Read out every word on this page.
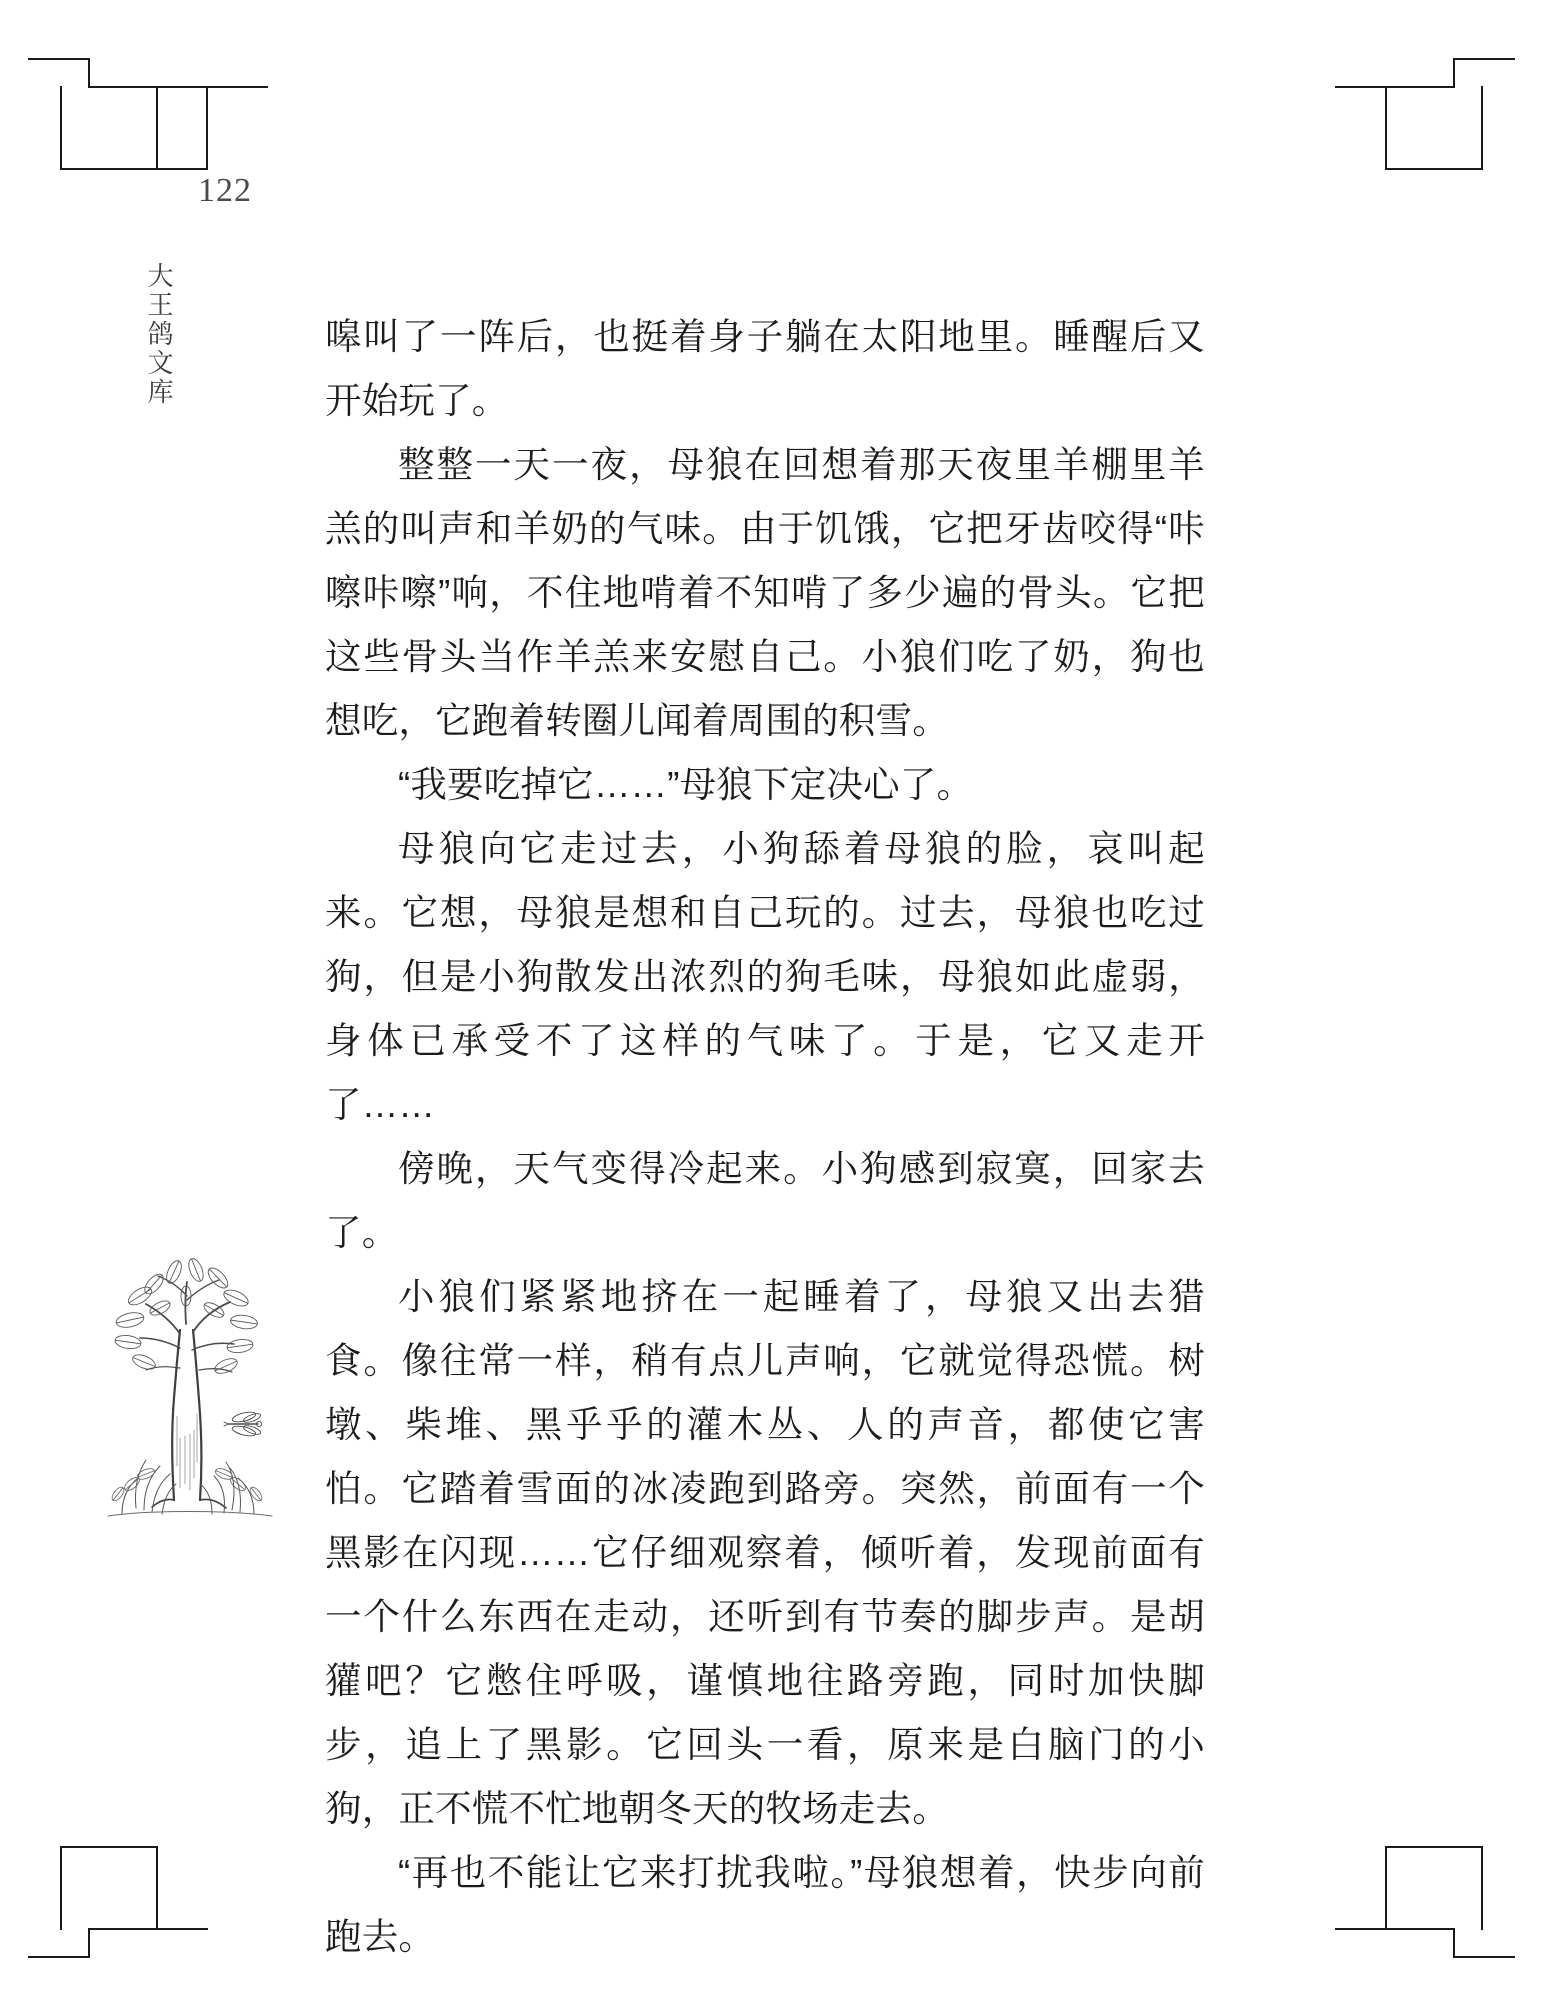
122
大王鸽文库	嗥叫了一阵后，也挺着身子躺在太阳地里。睡醒后又开始玩了。

整整一天一夜，母狼在回想着那天夜里羊棚里羊羔的叫声和羊奶的气味。由于饥饿，它把牙齿咬得“咔嚓咔嚓”响，不住地啃着不知啃了多少遍的骨头。它把这些骨头当作羊羔来安慰自己。小狼们吃了奶，狗也想吃，它跑着转圈儿闻着周围的积雪。

“我要吃掉它……”母狼下定决心了。

母狼向它走过去，小狗舔着母狼的脸，哀叫起来。它想，母狼是想和自己玩的。过去，母狼也吃过狗，但是小狗散发出浓烈的狗毛味，母狼如此虚弱，身体已承受不了这样的气味了。于是，它又走开了……

傍晚，天气变得冷起来。小狗感到寂寞，回家去了。

小狼们紧紧地挤在一起睡着了，母狼又出去猎食。像往常一样，稍有点儿声响，它就觉得恐慌。树墩、柴堆、黑乎乎的灌木丛、人的声音，都使它害怕。它踏着雪面的冰凌跑到路旁。突然，前面有一个黑影在闪现……它仔细观察着，倾听着，发现前面有一个什么东西在走动，还听到有节奏的脚步声。是胡獾吧？它憋住呼吸，谨慎地往路旁跑，同时加快脚步，追上了黑影。它回头一看，原来是白脑门的小狗，正不慌不忙地朝冬天的牧场走去。

“再也不能让它来打扰我啦。”母狼想着，快步向前跑去。
